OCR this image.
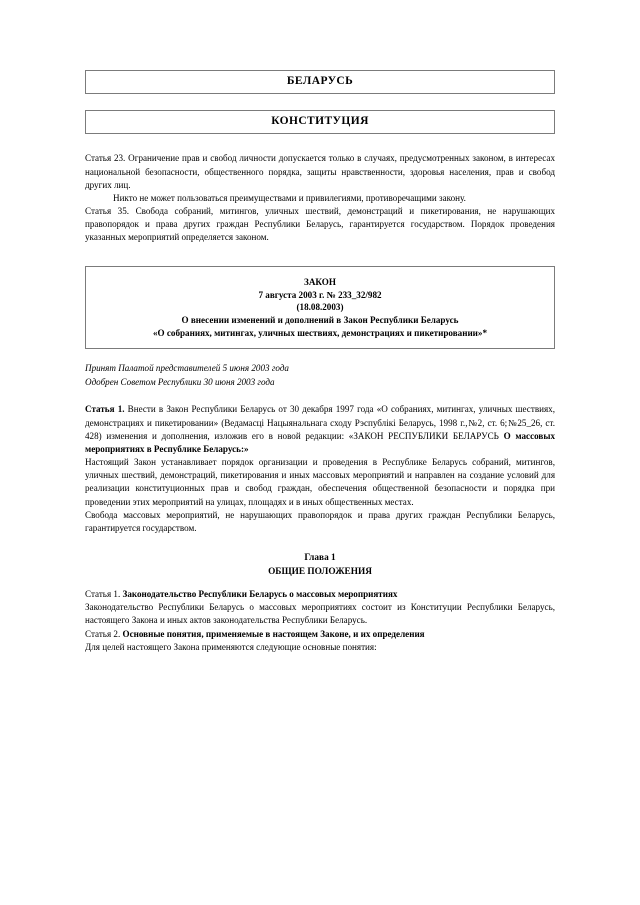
БЕЛАРУСЬ
КОНСТИТУЦИЯ

Статья 23. Ограничение прав и свобод личности допускается только в случаях, предусмотренных законом, в интересах национальной безопасности, общественного порядка, защиты нравственности, здоровья населения, прав и свобод других лиц.

Никто не может пользоваться преимуществами и привилегиями, противоречащими закону.

Статья 35. Свобода собраний, митингов, уличных шествий, демонстраций и пикетирования, не нарушающих правопорядок и права других граждан Республики Беларусь, гарантируется государством. Порядок проведения указанных мероприятий определяется законом.

ЗАКОН
7 августа 2003 г. № 233_32/982
(18.08.2003)
О внесении изменений и дополнений в Закон Республики Беларусь
«О собраниях, митингах, уличных шествиях, демонстрациях и пикетировании»*

Принят Палатой представителей 5 июня 2003 года

Одобрен Советом Республики 30 июня 2003 года

Статья 1. Внести в Закон Республики Беларусь от 30 декабря 1997 года «О собраниях, митингах, уличных шествиях, демонстрациях и пикетировании» (Ведамасці Нацыянальнага сходу Рэспублікі Беларусь, 1998 г.,№2, ст. 6;№25_26, ст. 428) изменения и дополнения, изложив его в новой редакции: «ЗАКОН РЕСПУБЛИКИ БЕЛАРУСЬ О массовых мероприятиях в Республике Беларусь:»

Настоящий Закон устанавливает порядок организации и проведения в Республике Беларусь собраний, митингов, уличных шествий, демонстраций, пикетирования и иных массовых мероприятий и направлен на создание условий для реализации конституционных прав и свобод граждан, обеспечения общественной безопасности и порядка при проведении этих мероприятий на улицах, площадях и в иных общественных местах.

Свобода массовых мероприятий, не нарушающих правопорядок и права других граждан Республики Беларусь, гарантируется государством.

Глава 1

ОБЩИЕ ПОЛОЖЕНИЯ

Статья 1. Законодательство Республики Беларусь о массовых мероприятиях

Законодательство Республики Беларусь о массовых мероприятиях состоит из Конституции Республики Беларусь, настоящего Закона и иных актов законодательства Республики Беларусь.

Статья 2. Основные понятия, применяемые в настоящем Законе, и их определения

Для целей настоящего Закона применяются следующие основные понятия:
